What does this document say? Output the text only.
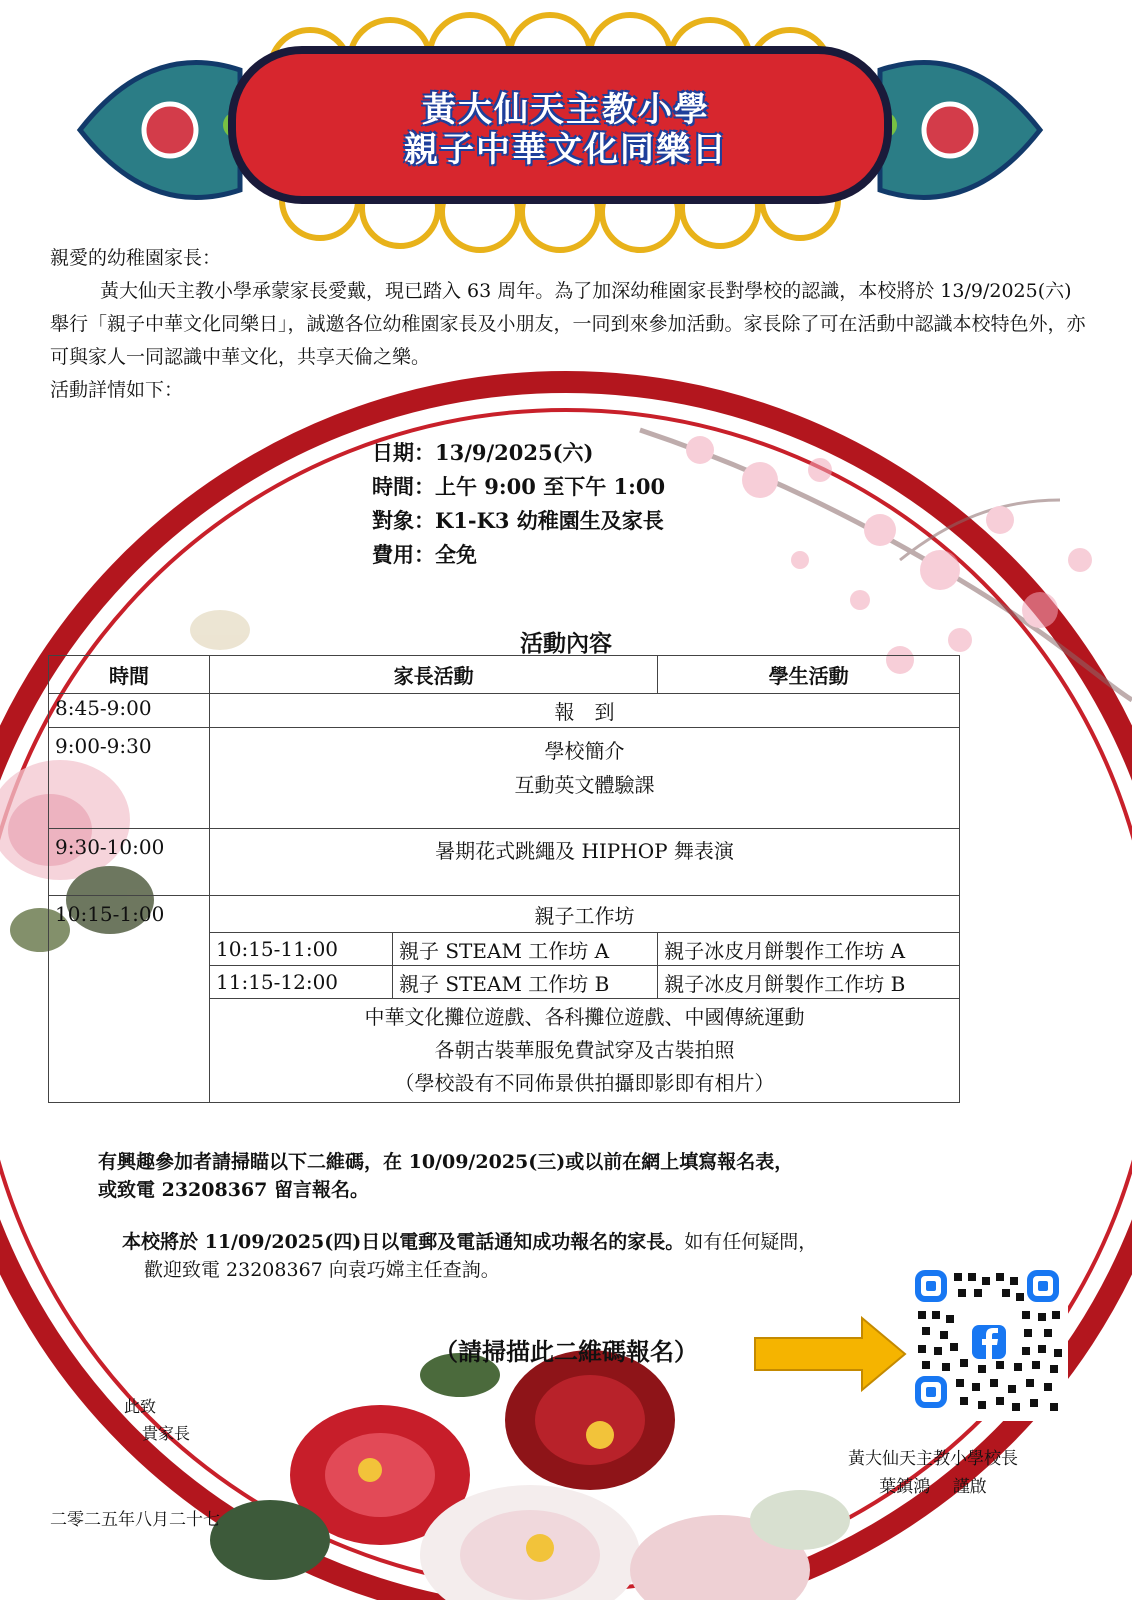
黃大仙天主教小學
親子中華文化同樂日

親愛的幼稚園家長：

黃大仙天主教小學承蒙家長愛戴，現已踏入 63 周年。為了加深幼稚園家長對學校的認識，本校將於 13/9/2025(六)舉行「親子中華文化同樂日」，誠邀各位幼稚園家長及小朋友，一同到來參加活動。家長除了可在活動中認識本校特色外，亦可與家人一同認識中華文化，共享天倫之樂。

活動詳情如下：

日期：13/9/2025(六)
時間：上午 9:00 至下午 1:00
對象：K1-K3 幼稚園生及家長
費用：全免
活動內容
時間	家長活動		學生活動
8:45-9:00	報　到		
9:00-9:30	學校簡介
互動英文體驗課		

9:30-10:00	暑期花式跳繩及 HIPHOP 舞表演		
10:15-1:00	親子工作坊		
	10:15-11:00	親子 STEAM 工作坊 A	親子冰皮月餅製作工作坊 A
	11:15-12:00	親子 STEAM 工作坊 B	親子冰皮月餅製作工作坊 B

	中華文化攤位遊戲、各科攤位遊戲、中國傳統運動
各朝古裝華服免費試穿及古裝拍照
（學校設有不同佈景供拍攝即影即有相片）		
有興趣參加者請掃瞄以下二維碼，在 10/09/2025(三)或以前在網上填寫報名表，
或致電 23208367 留言報名。
本校將於 11/09/2025(四)日以電郵及電話通知成功報名的家長。如有任何疑問，
歡迎致電 23208367 向袁巧嫦主任查詢。
（請掃描此二維碼報名）
此致
貴家長
黃大仙天主教小學校長
葉鎮鴻　 謹啟
二零二五年八月二十七
